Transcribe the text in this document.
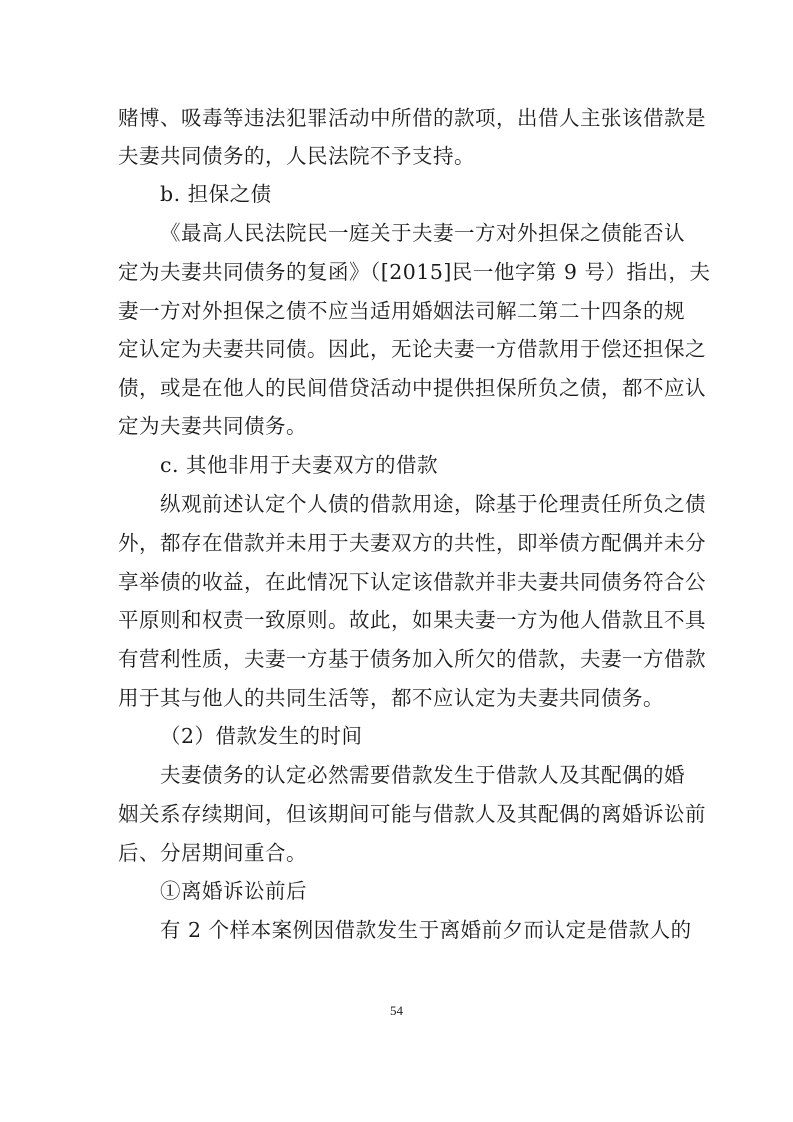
赌博、吸毒等违法犯罪活动中所借的款项，出借人主张该借款是
夫妻共同债务的，人民法院不予支持。
b. 担保之债
《最高人民法院民一庭关于夫妻一方对外担保之债能否认
定为夫妻共同债务的复函》（[2015]民一他字第 9 号）指出，夫
妻一方对外担保之债不应当适用婚姻法司解二第二十四条的规
定认定为夫妻共同债。因此，无论夫妻一方借款用于偿还担保之
债，或是在他人的民间借贷活动中提供担保所负之债，都不应认
定为夫妻共同债务。
c. 其他非用于夫妻双方的借款
纵观前述认定个人债的借款用途，除基于伦理责任所负之债
外，都存在借款并未用于夫妻双方的共性，即举债方配偶并未分
享举债的收益，在此情况下认定该借款并非夫妻共同债务符合公
平原则和权责一致原则。故此，如果夫妻一方为他人借款且不具
有营利性质，夫妻一方基于债务加入所欠的借款，夫妻一方借款
用于其与他人的共同生活等，都不应认定为夫妻共同债务。
（2）借款发生的时间
夫妻债务的认定必然需要借款发生于借款人及其配偶的婚
姻关系存续期间，但该期间可能与借款人及其配偶的离婚诉讼前
后、分居期间重合。
①离婚诉讼前后
有 2 个样本案例因借款发生于离婚前夕而认定是借款人的
54
